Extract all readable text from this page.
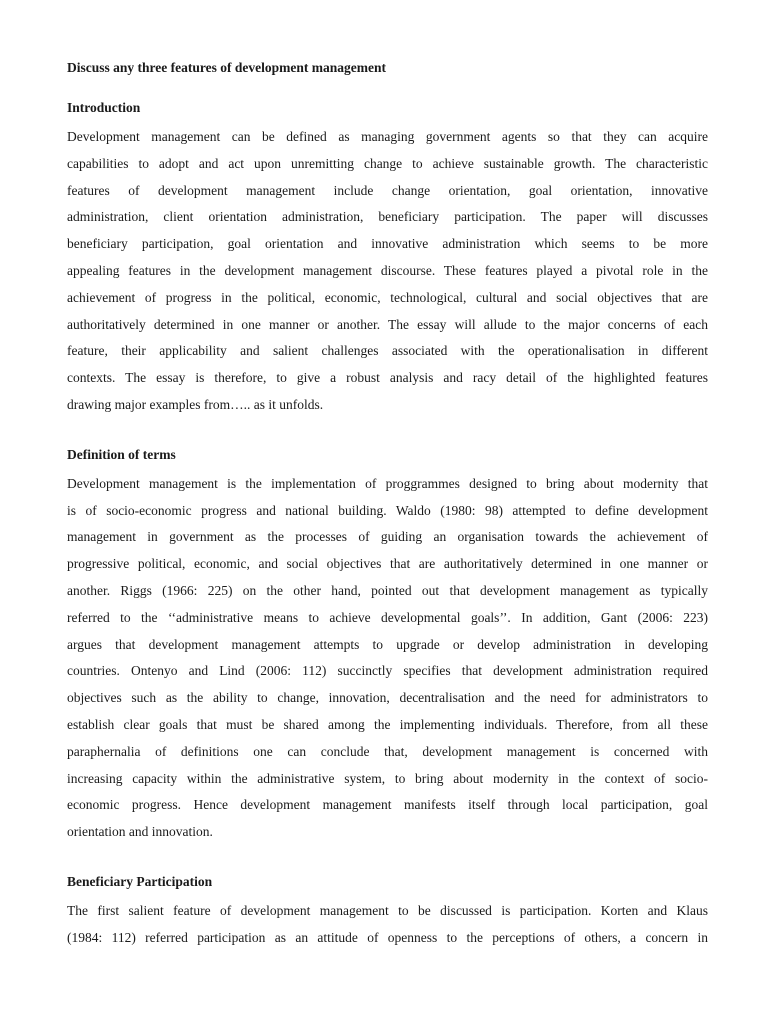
Discuss any three features of development management
Introduction
Development management can be defined as managing government agents so that they can acquire
capabilities to adopt and act upon unremitting change to achieve sustainable growth. The characteristic
features of development management include change orientation, goal orientation, innovative
administration, client orientation administration, beneficiary participation. The paper will discusses
beneficiary participation, goal orientation and innovative administration which seems to be more
appealing features in the development management discourse. These features played a pivotal role in the
achievement of progress in the political, economic, technological, cultural and social objectives that are
authoritatively determined in one manner or another. The essay will allude to the major concerns of each
feature, their applicability and salient challenges associated with the operationalisation in different
contexts. The essay is therefore, to give a robust analysis and racy detail of the highlighted features
drawing major examples from….. as it unfolds.
Definition of terms
Development management is the implementation of proggrammes designed to bring about modernity that
is of socio-economic progress and national building. Waldo (1980: 98) attempted to define development
management in government as the processes of guiding an organisation towards the achievement of
progressive political, economic, and social objectives that are authoritatively determined in one manner or
another. Riggs (1966: 225) on the other hand, pointed out that development management as typically
referred to the ‘‘administrative means to achieve developmental goals’’. In addition, Gant (2006: 223)
argues that development management attempts to upgrade or develop administration in developing
countries. Ontenyo and Lind (2006: 112) succinctly specifies that development administration required
objectives such as the ability to change, innovation, decentralisation and the need for administrators to
establish clear goals that must be shared among the implementing individuals. Therefore, from all these
paraphernalia of definitions one can conclude that, development management is concerned with
increasing capacity within the administrative system, to bring about modernity in the context of socio-
economic progress. Hence development management manifests itself through local participation, goal
orientation and innovation.
Beneficiary Participation
The first salient feature of development management to be discussed is participation. Korten and Klaus
(1984: 112) referred participation as an attitude of openness to the perceptions of others, a concern in
